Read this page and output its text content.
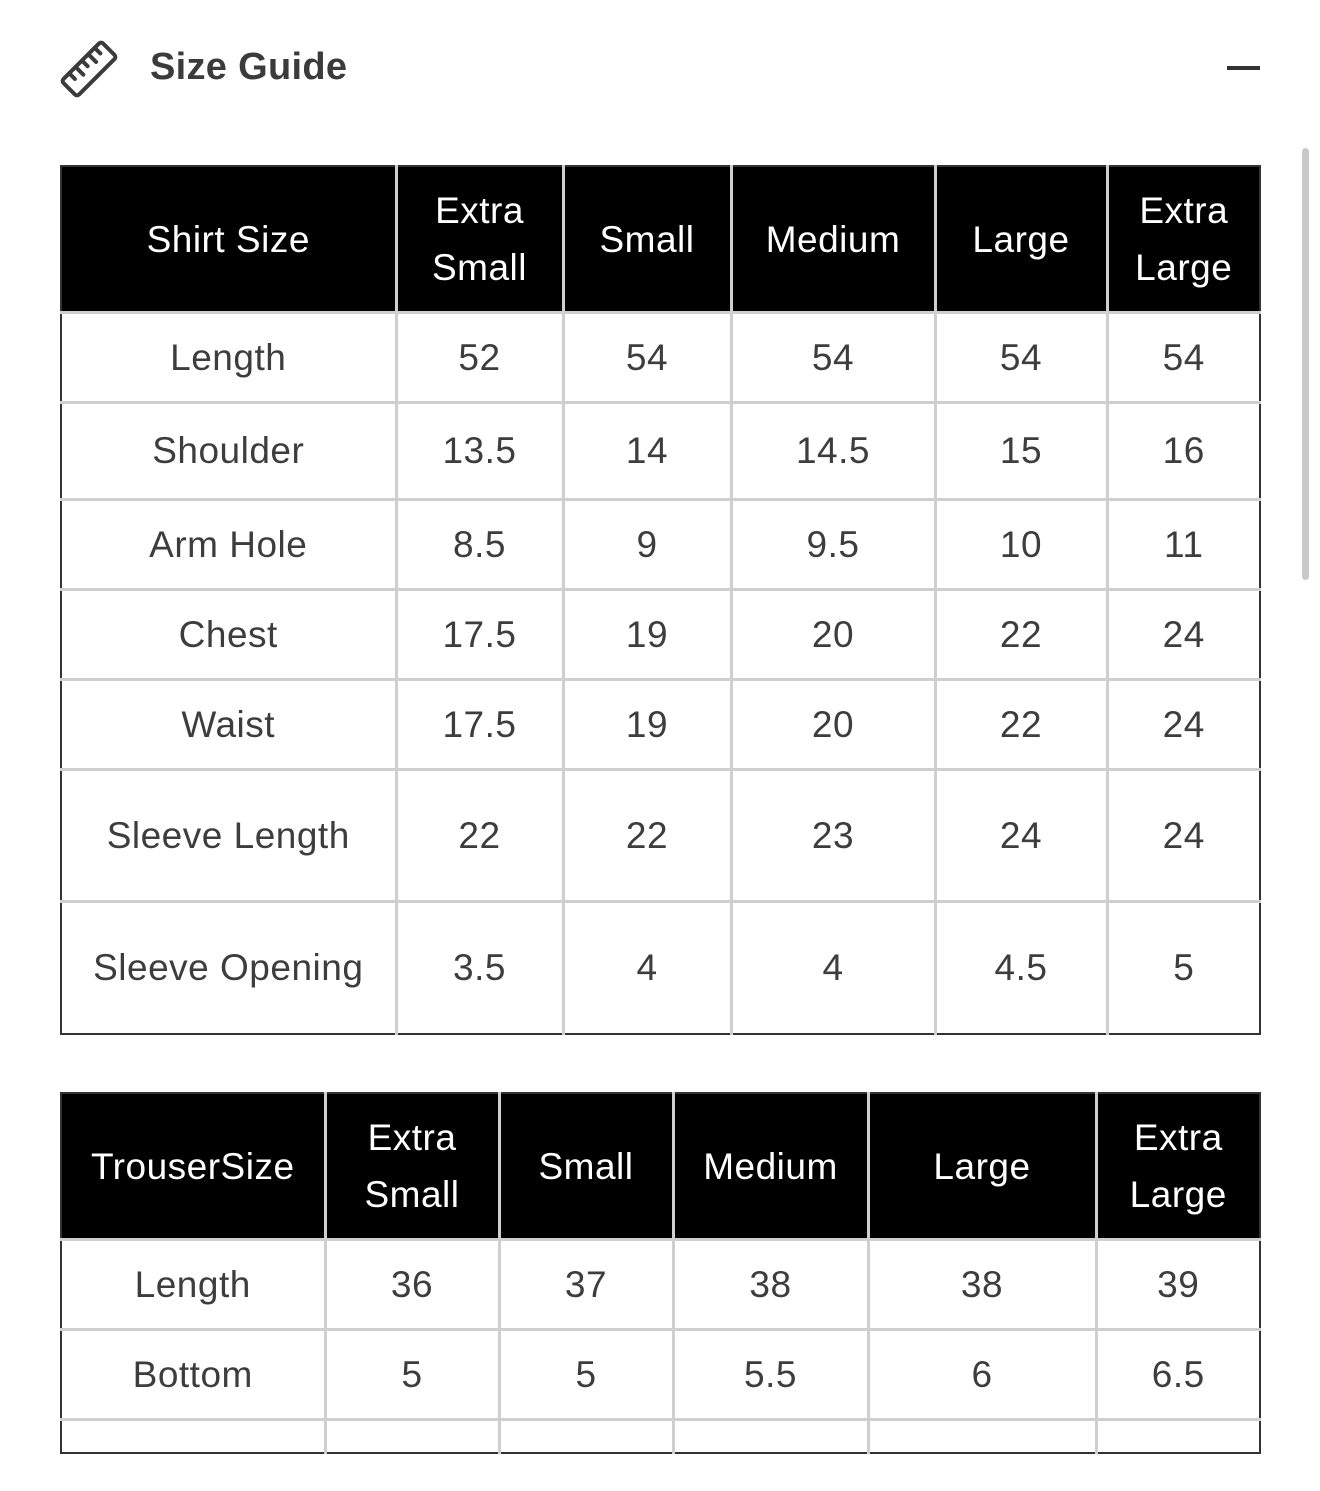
Size Guide
Shirt Size	Extra Small	Small	Medium	Large	Extra Large
Length	52	54	54	54	54
Shoulder	13.5	14	14.5	15	16
Arm Hole	8.5	9	9.5	10	11
Chest	17.5	19	20	22	24
Waist	17.5	19	20	22	24
Sleeve Length	22	22	23	24	24
Sleeve Opening	3.5	4	4	4.5	5
TrouserSize	Extra Small	Small	Medium	Large	Extra Large
Length	36	37	38	38	39
Bottom	5	5	5.5	6	6.5
